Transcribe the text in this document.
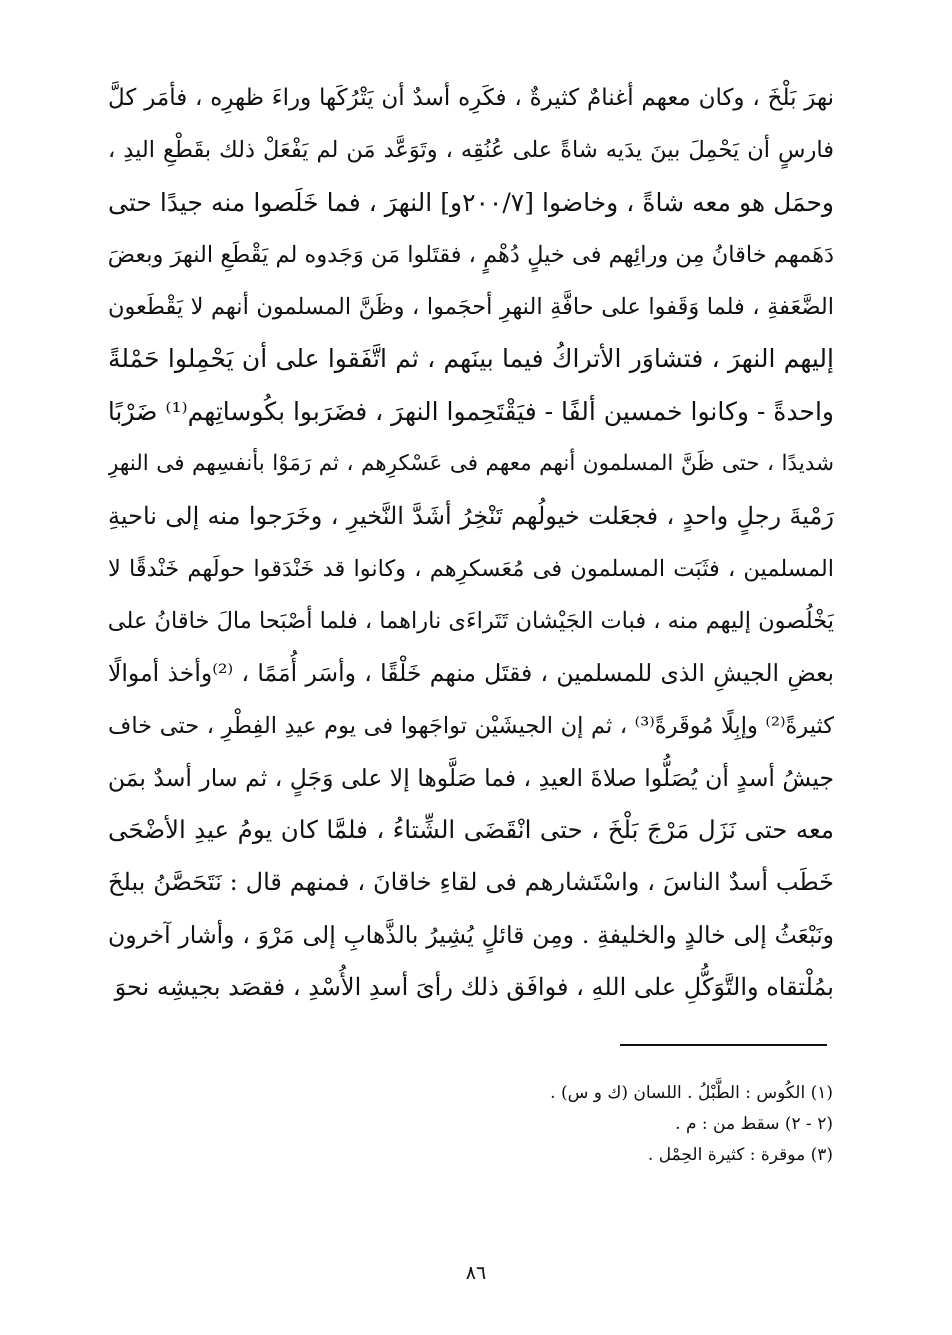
نهرَ بَلْخَ ، وكان معهم أغنامٌ كثيرةٌ ، فكَرِه أسدٌ أن يَتْرُكَها وراءَ ظهرِه ، فأمَر كلَّ
فارسٍ أن يَحْمِلَ بينَ يدَيه شاةً على عُنُقِه ، وتَوَعَّد مَن لم يَفْعَلْ ذلك بقَطْعِ اليدِ ،
وحمَل هو معه شاةً ، وخاضوا [٢٠٠/٧و] النهرَ ، فما خَلَصوا منه جيدًا حتى
دَهَمهم خاقانُ مِن ورائِهم فى خيلٍ دُهْمٍ ، فقتَلوا مَن وَجَدوه لم يَقْطَعِ النهرَ وبعضَ
الضَّعَفةِ ، فلما وَقَفوا على حافَّةِ النهرِ أحجَموا ، وظَنَّ المسلمون أنهم لا يَقْطَعون
إليهم النهرَ ، فتشاوَر الأتراكُ فيما بينَهم ، ثم اتَّفَقوا على أن يَحْمِلوا حَمْلةً
واحدةً - وكانوا خمسين ألفًا - فيَقْتَحِموا النهرَ ، فضَرَبوا بكُوساتِهم⁽¹⁾ ضَرْبًا
شديدًا ، حتى ظَنَّ المسلمون أنهم معهم فى عَسْكرِهم ، ثم رَمَوْا بأنفسِهم فى النهرِ
رَمْيةَ رجلٍ واحدٍ ، فجعَلت خيولُهم تَنْخِرُ أشَدَّ النَّخيرِ ، وخَرَجوا منه إلى ناحيةِ
المسلمين ، فثَبَت المسلمون فى مُعَسكرِهم ، وكانوا قد خَنْدَقوا حولَهم خَنْدقًا لا
يَخْلُصون إليهم منه ، فبات الجَيْشان تَتَراءَى ناراهما ، فلما أصْبَحا مالَ خاقانُ على
بعضِ الجيشِ الذى للمسلمين ، فقتَل منهم خَلْقًا ، وأسَر أُمَمًا ، ⁽²⁾وأخذ أموالًا
كثيرةً⁽²⁾ وإبِلًا مُوقَرةً⁽³⁾ ، ثم إن الجيشَيْن تواجَهوا فى يوم عيدِ الفِطْرِ ، حتى خاف
جيشُ أسدٍ أن يُصَلُّوا صلاةَ العيدِ ، فما صَلَّوها إلا على وَجَلٍ ، ثم سار أسدٌ بمَن
معه حتى نَزَل مَرْجَ بَلْخَ ، حتى انْقَضَى الشِّتاءُ ، فلمَّا كان يومُ عيدِ الأضْحَى
خَطَب أسدٌ الناسَ ، واسْتَشارهم فى لقاءِ خاقانَ ، فمنهم قال : نَتَحَصَّنُ ببلخَ
ونَبْعَثُ إلى خالدٍ والخليفةِ . ومِن قائلٍ يُشِيرُ بالذَّهابِ إلى مَرْوَ ، وأشار آخرون
بمُلْتقاه والتَّوَكُّلِ على اللهِ ، فوافَق ذلك رأىَ أسدِ الأُسْدِ ، فقصَد بجيشِه نحوَ
(١) الكُوس : الطَّبْلُ . اللسان (ك و س) .
(٢ - ٢) سقط من : م .
(٣) موقرة : كثيرة الحِمْل .
٨٦
